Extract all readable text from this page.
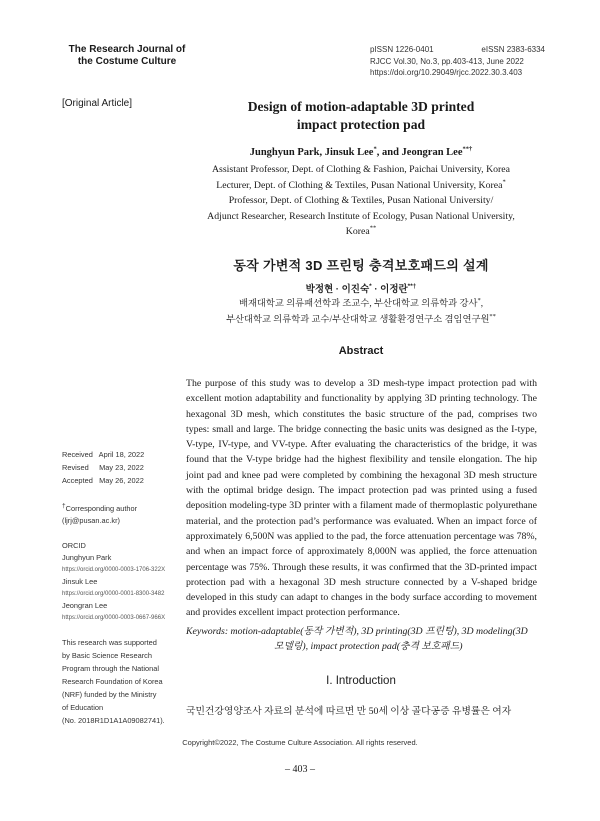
The Research Journal of
the Costume Culture
pISSN 1226-0401	eISSN 2383-6334
RJCC Vol.30, No.3, pp.403-413, June 2022
https://doi.org/10.29049/rjcc.2022.30.3.403
[Original Article]	Design of motion-adaptable 3D printed
impact protection pad
Junghyun Park, Jinsuk Lee*, and Jeongran Lee**†
Assistant Professor, Dept. of Clothing & Fashion, Paichai University, Korea
Lecturer, Dept. of Clothing & Textiles, Pusan National University, Korea*
Professor, Dept. of Clothing & Textiles, Pusan National University/
Adjunct Researcher, Research Institute of Ecology, Pusan National University,
Korea**
동작 가변적 3D 프린팅 충격보호패드의 설계
박정현 · 이진숙* · 이정란**†
배재대학교 의류패션학과 조교수, 부산대학교 의류학과 강사*,
부산대학교 의류학과 교수/부산대학교 생활환경연구소 겸임연구원**
Abstract
The purpose of this study was to develop a 3D mesh-type impact protection pad with excellent motion adaptability and functionality by applying 3D printing technology. The hexagonal 3D mesh, which constitutes the basic structure of the pad, comprises two types: small and large. The bridge connecting the basic units was designed as the I-type, V-type, IV-type, and VV-type. After evaluating the characteristics of the bridge, it was found that the V-type bridge had the highest flexibility and tensile elongation. The hip joint pad and knee pad were completed by combining the hexagonal 3D mesh structure with the optimal bridge design. The impact protection pad was printed using a fused deposition modeling-type 3D printer with a filament made of thermoplastic polyurethane material, and the protection pad’s performance was evaluated. When an impact force of approximately 6,500N was applied to the pad, the force attenuation percentage was 78%, and when an impact force of approximately 8,000N was applied, the force attenuation percentage was 75%. Through these results, it was confirmed that the 3D-printed impact protection pad with a hexagonal 3D mesh structure connected by a V-shaped bridge developed in this study can adapt to changes in the body surface according to movement and provides excellent impact protection performance.
Keywords: motion-adaptable(동작 가변적), 3D printing(3D 프린팅), 3D modeling(3D
모델링), impact protection pad(충격 보호패드)
I. Introduction
국민건강영양조사 자료의 분석에 따르면 만 50세 이상 골다공증 유병률은 여자
Received April 18, 2022
Revised May 23, 2022
Accepted May 26, 2022
†Corresponding author
(ljrj@pusan.ac.kr)
ORCID
Junghyun Park
https://orcid.org/0000-0003-1706-322X
Jinsuk Lee
https://orcid.org/0000-0001-8300-3482
Jeongran Lee
https://orcid.org/0000-0003-0667-966X
This research was supported
by Basic Science Research
Program through the National
Research Foundation of Korea
(NRF) funded by the Ministry
of Education
(No. 2018R1D1A1A09082741).
Copyright©2022, The Costume Culture Association. All rights reserved.
– 403 –
